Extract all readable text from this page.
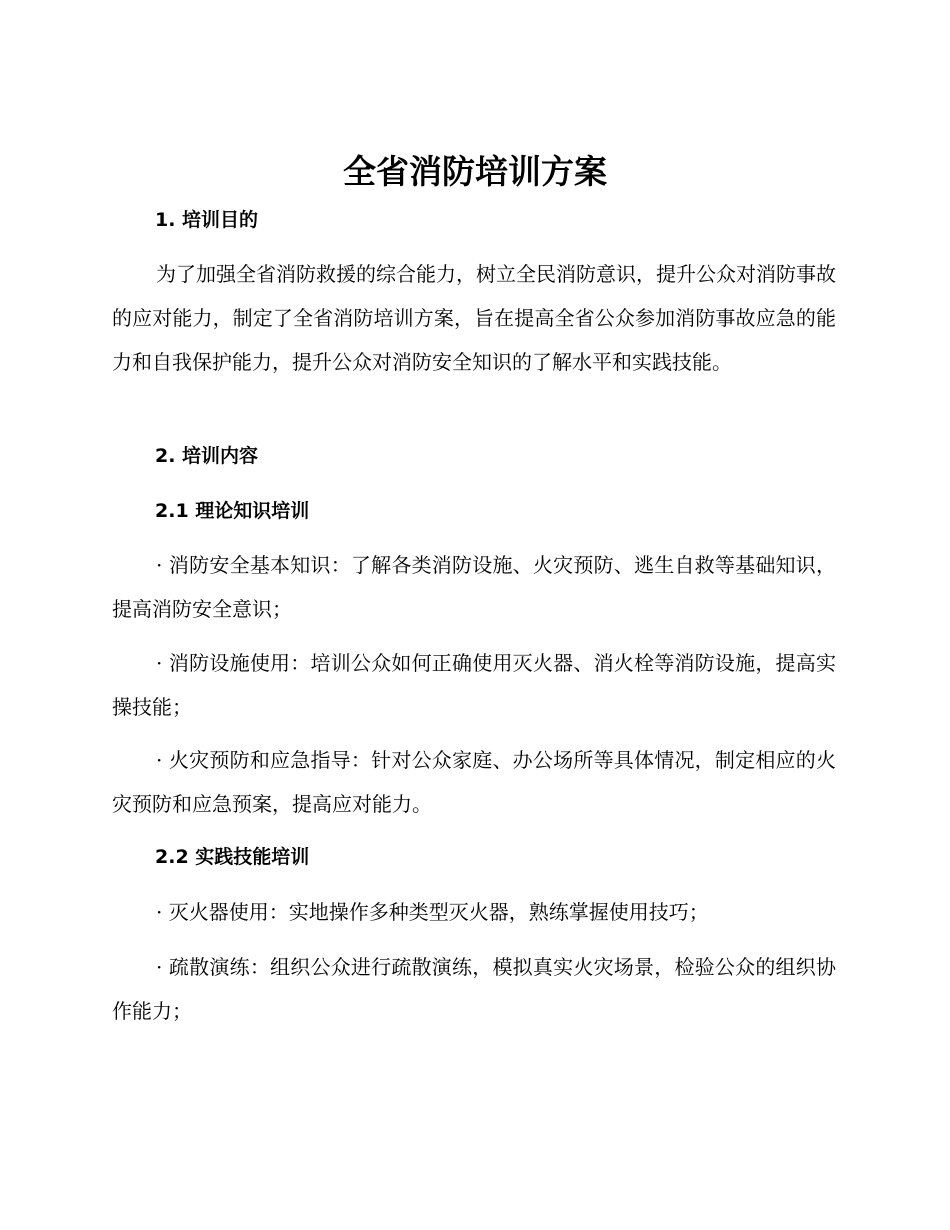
全省消防培训方案
1. 培训目的

为了加强全省消防救援的综合能力，树立全民消防意识，提升公众对消防事故的应对能力，制定了全省消防培训方案，旨在提高全省公众参加消防事故应急的能力和自我保护能力，提升公众对消防安全知识的了解水平和实践技能。

2. 培训内容
2.1 理论知识培训

· 消防安全基本知识：了解各类消防设施、火灾预防、逃生自救等基础知识，提高消防安全意识；

· 消防设施使用：培训公众如何正确使用灭火器、消火栓等消防设施，提高实操技能；

· 火灾预防和应急指导：针对公众家庭、办公场所等具体情况，制定相应的火灾预防和应急预案，提高应对能力。

2.2 实践技能培训

· 灭火器使用：实地操作多种类型灭火器，熟练掌握使用技巧；

· 疏散演练：组织公众进行疏散演练，模拟真实火灾场景，检验公众的组织协作能力；
